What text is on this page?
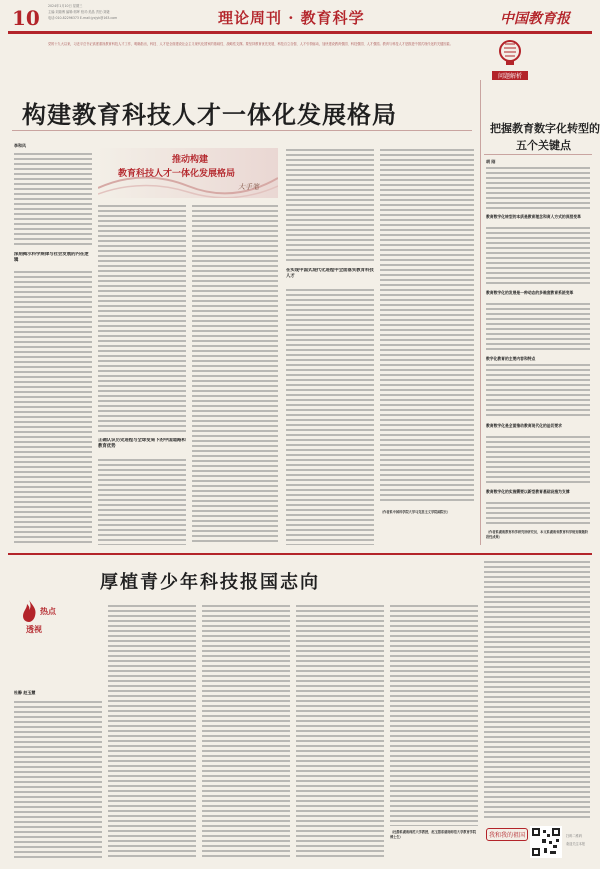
10	2024年1月10日 星期三
主编:刘瑞博 编辑:郭晖 校对:美晶 责任:刘婕
电话:010-82296373 E-mail:jycjyk@163.com	理论周刊 · 教育科学	中国教育报
党的十九大以来，习近平总书记高度重视教育科技人才工作，明确指出，科技、人才是全面建设社会主义现代化国家的基础性、战略性支撑。要坚持教育优先发展、科技自立自强、人才引领驱动，加快建设教育强国、科技强国、人才强国。教育与科技人才是推进中国式现代化的关键因素。
问题解析
构建教育科技人才一体化发展格局	把握教育数字化转型的
五个关键点
李和风
深刻揭示科学规律与社会发展的内在逻辑
推动构建
教育科技人才一体化发展格局
大手笔
正确认识历史进程与全球变局下的中国道路和教育优势
在实现中国式现代化进程中全面落实教育科技人才
（作者系中国科学院大学马克思主义学院副院长）
胡 刚
教育数字化转型的本质是教育理念和育人方式的深层变革
教育数字化的发展是一种动态的多维度教育系统变革
数字化教育的主要内容和特点
教育数字化是全面推动教育现代化的迫切要求
教育数字化的实施需要以新型教育基础设施为支撑
（作者系湖南教育科学研究所研究员，本文系湖南省教育科学规划课题阶段性成果）
厚植青少年科技报国志向
热点
透视
杜静 赵玉慧
（杜静系湖南师范大学教授，赵玉慧系湖南师范大学教育学院博士生）	我和我的祖国	扫码二维码
欢迎关注本报
